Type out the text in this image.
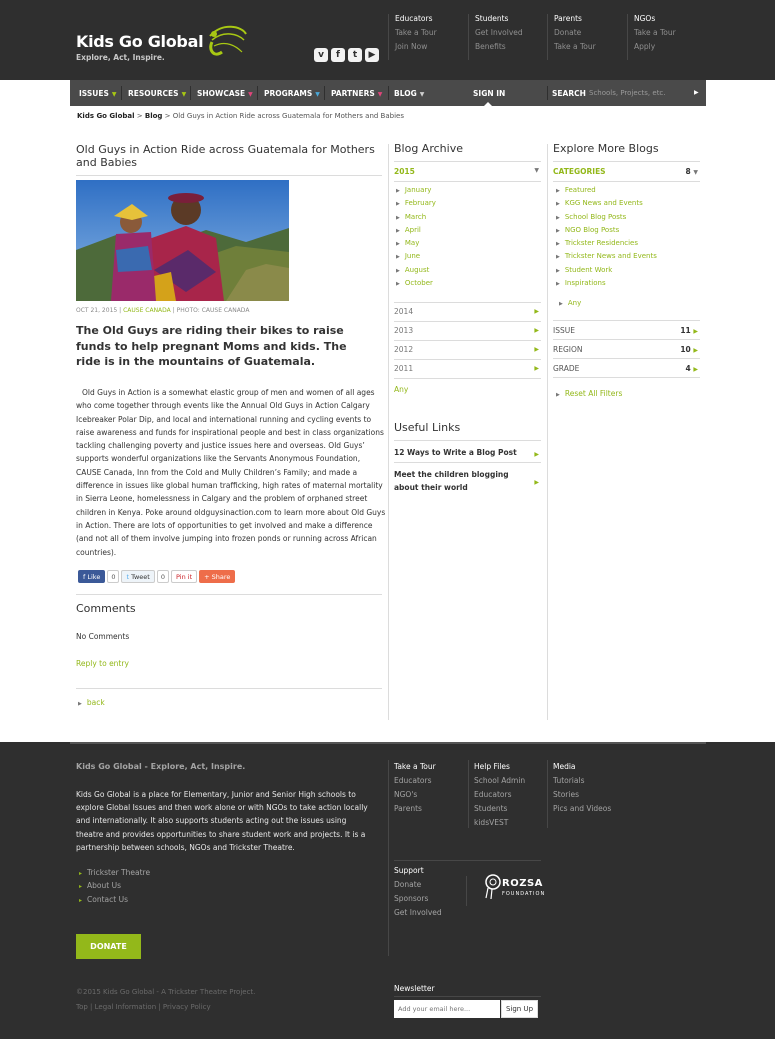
Kids Go Global
Explore, Act, Inspire.	v	f	t	▶
Educators
Take a Tour
Join Now
Students
Get Involved
Benefits
Parents
Donate
Take a Tour
NGOs
Take a Tour
Apply
ISSUES ▼ RESOURCES ▼ SHOWCASE ▼ PROGRAMS ▼ PARTNERS ▼ BLOG ▼	SIGN IN	SEARCH Schools, Projects, etc.	▶
Kids Go Global > Blog > Old Guys in Action Ride across Guatemala for Mothers and Babies
Old Guys in Action Ride across Guatemala for Mothers and Babies
OCT 21, 2015 | CAUSE CANADA | PHOTO: CAUSE CANADA
The Old Guys are riding their bikes to raise funds to help pregnant Moms and kids. The ride is in the mountains of Guatemala.
Old Guys in Action is a somewhat elastic group of men and women of all ages who come together through events like the Annual Old Guys in Action Calgary Icebreaker Polar Dip, and local and international running and cycling events to raise awareness and funds for inspirational people and best in class organizations tackling challenging poverty and justice issues here and overseas. Old Guys’ supports wonderful organizations like the Servants Anonymous Foundation, CAUSE Canada, Inn from the Cold and Mully Children’s Family; and made a difference in issues like global human trafficking, high rates of maternal mortality in Sierra Leone, homelessness in Calgary and the problem of orphaned street children in Kenya. Poke around oldguysinaction.com to learn more about Old Guys in Action. There are lots of opportunities to get involved and make a difference (and not all of them involve jumping into frozen ponds or running across African countries).
f Like	0	t Tweet	0	Pin it	+ Share
Comments
No Comments
Reply to entry
▶ back
Blog Archive
2015	▼
▶ January
▶ February
▶ March
▶ April
▶ May
▶ June
▶ August
▶ October
2014	▶
2013	▶
2012	▶
2011	▶
Any
Useful Links
12 Ways to Write a Blog Post	▶
Meet the children blogging about their world
▶
Explore More Blogs
CATEGORIES	8 ▼
▶ Featured
▶ KGG News and Events
▶ School Blog Posts
▶ NGO Blog Posts
▶ Trickster Residencies
▶ Trickster News and Events
▶ Student Work
▶ Inspirations
▶ Any
ISSUE	11 ▶
REGION	10 ▶
GRADE	4 ▶
▶ Reset All Filters
Kids Go Global - Explore, Act, Inspire.
Kids Go Global is a place for Elementary, Junior and Senior High schools to explore Global Issues and then work alone or with NGOs to take action locally and internationally. It also supports students acting out the issues using theatre and provides opportunities to share student work and projects. It is a partnership between schools, NGOs and Trickster Theatre.
▸ Trickster Theatre
▸ About Us
▸ Contact Us
DONATE
©2015 Kids Go Global - A Trickster Theatre Project.
Top | Legal Information | Privacy Policy
Take a Tour
Educators
NGO's
Parents
Help Files
School Admin
Educators
Students
kidsVEST
Media
Tutorials
Stories
Pics and Videos
Support
Donate
Sponsors
Get Involved
ROZSA
FOUNDATION
Newsletter
Add your email here...
Sign Up
